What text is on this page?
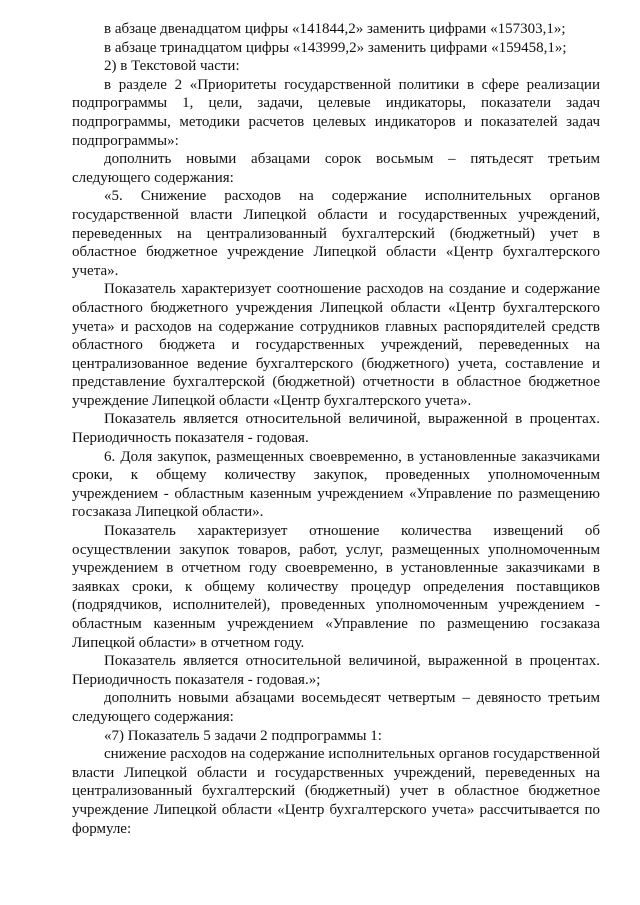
в абзаце двенадцатом цифры «141844,2» заменить цифрами «157303,1»;

в абзаце тринадцатом цифры «143999,2» заменить цифрами «159458,1»;

2) в Текстовой части:

в разделе 2 «Приоритеты государственной политики в сфере реализации подпрограммы 1, цели, задачи, целевые индикаторы, показатели задач подпрограммы, методики расчетов целевых индикаторов и показателей задач подпрограммы»:

дополнить новыми абзацами сорок восьмым – пятьдесят третьим следующего содержания:

«5. Снижение расходов на содержание исполнительных органов государственной власти Липецкой области и государственных учреждений, переведенных на централизованный бухгалтерский (бюджетный) учет в областное бюджетное учреждение Липецкой области «Центр бухгалтерского учета».

Показатель характеризует соотношение расходов на создание и содержание областного бюджетного учреждения Липецкой области «Центр бухгалтерского учета» и расходов на содержание сотрудников главных распорядителей средств областного бюджета и государственных учреждений, переведенных на централизованное ведение бухгалтерского (бюджетного) учета, составление и представление бухгалтерской (бюджетной) отчетности в областное бюджетное учреждение Липецкой области «Центр бухгалтерского учета».

Показатель является относительной величиной, выраженной в процентах. Периодичность показателя - годовая.

6. Доля закупок, размещенных своевременно, в установленные заказчиками сроки, к общему количеству закупок, проведенных уполномоченным учреждением - областным казенным учреждением «Управление по размещению госзаказа Липецкой области».

Показатель характеризует отношение количества извещений об осуществлении закупок товаров, работ, услуг, размещенных уполномоченным учреждением в отчетном году своевременно, в установленные заказчиками в заявках сроки, к общему количеству процедур определения поставщиков (подрядчиков, исполнителей), проведенных уполномоченным учреждением - областным казенным учреждением «Управление по размещению госзаказа Липецкой области» в отчетном году.

Показатель является относительной величиной, выраженной в процентах. Периодичность показателя - годовая.»;

дополнить новыми абзацами восемьдесят четвертым – девяносто третьим следующего содержания:

«7) Показатель 5 задачи 2 подпрограммы 1:

снижение расходов на содержание исполнительных органов государственной власти Липецкой области и государственных учреждений, переведенных на централизованный бухгалтерский (бюджетный) учет в областное бюджетное учреждение Липецкой области «Центр бухгалтерского учета» рассчитывается по формуле:
